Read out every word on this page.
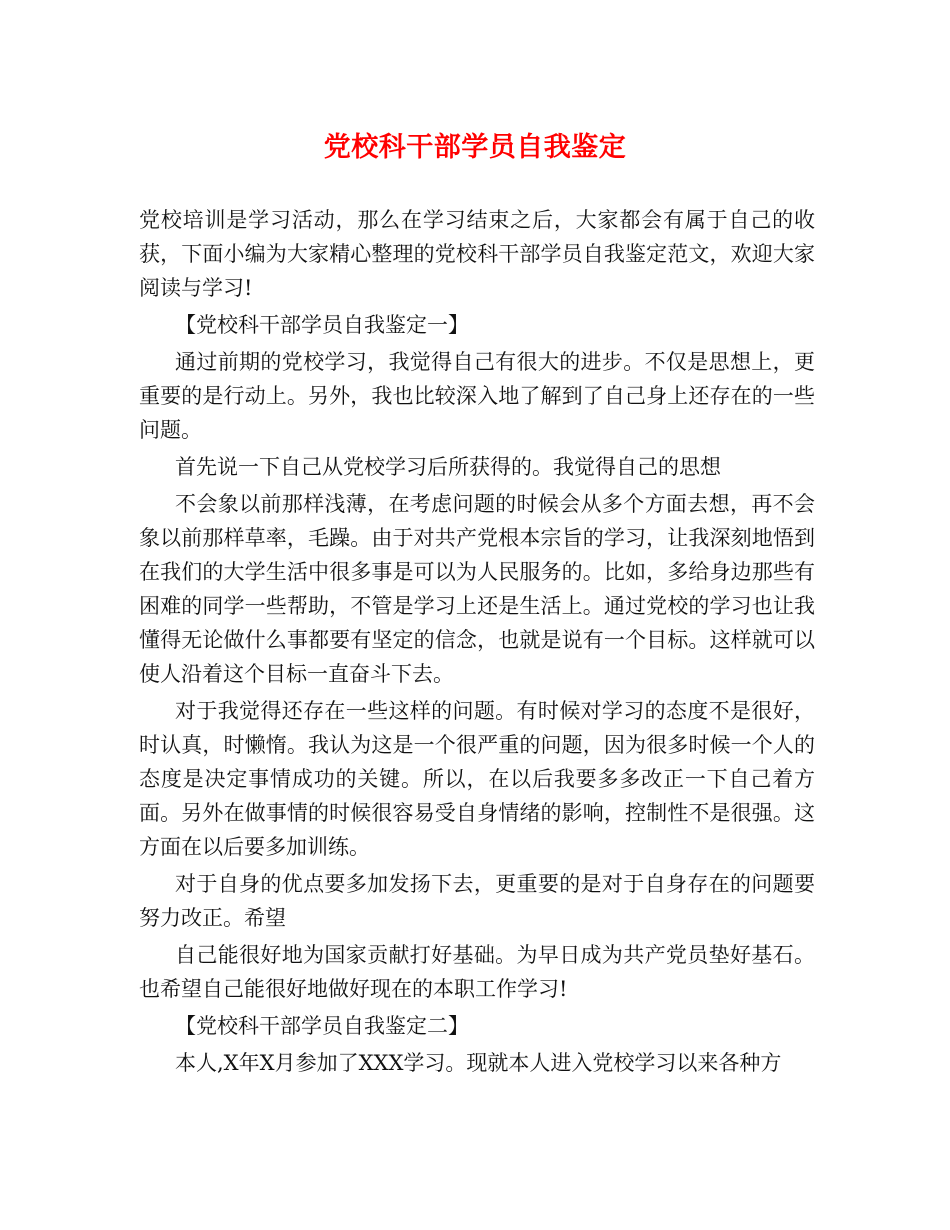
党校科干部学员自我鉴定

党校培训是学习活动，那么在学习结束之后，大家都会有属于自己的收获，下面小编为大家精心整理的党校科干部学员自我鉴定范文，欢迎大家阅读与学习!

【党校科干部学员自我鉴定一】

通过前期的党校学习，我觉得自己有很大的进步。不仅是思想上，更重要的是行动上。另外，我也比较深入地了解到了自己身上还存在的一些问题。

首先说一下自己从党校学习后所获得的。我觉得自己的思想

不会象以前那样浅薄，在考虑问题的时候会从多个方面去想，再不会象以前那样草率，毛躁。由于对共产党根本宗旨的学习，让我深刻地悟到在我们的大学生活中很多事是可以为人民服务的。比如，多给身边那些有困难的同学一些帮助，不管是学习上还是生活上。通过党校的学习也让我懂得无论做什么事都要有坚定的信念，也就是说有一个目标。这样就可以使人沿着这个目标一直奋斗下去。

对于我觉得还存在一些这样的问题。有时候对学习的态度不是很好，时认真，时懒惰。我认为这是一个很严重的问题，因为很多时候一个人的态度是决定事情成功的关键。所以，在以后我要多多改正一下自己着方面。另外在做事情的时候很容易受自身情绪的影响，控制性不是很强。这方面在以后要多加训练。

对于自身的优点要多加发扬下去，更重要的是对于自身存在的问题要努力改正。希望

自己能很好地为国家贡献打好基础。为早日成为共产党员垫好基石。也希望自己能很好地做好现在的本职工作学习!

【党校科干部学员自我鉴定二】

本人,X年X月参加了XXX学习。现就本人进入党校学习以来各种方
